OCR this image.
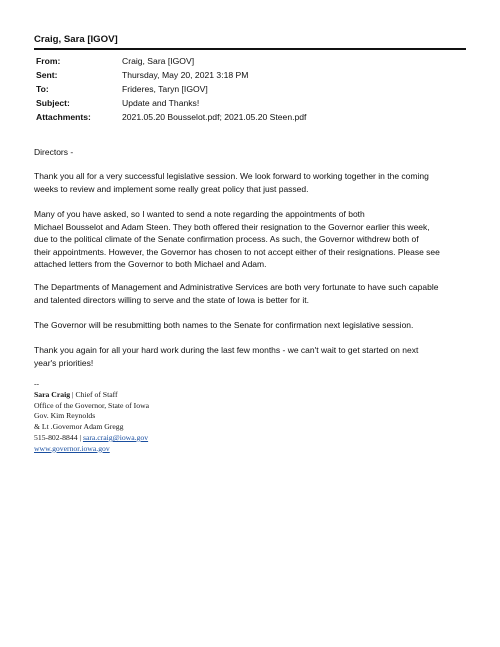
Craig, Sara [IGOV]
From:	Craig, Sara [IGOV]
Sent:	Thursday, May 20, 2021 3:18 PM
To:	Frideres, Taryn [IGOV]
Subject:	Update and Thanks!
Attachments:	2021.05.20 Bousselot.pdf; 2021.05.20 Steen.pdf

Directors -

Thank you all for a very successful legislative session. We look forward to working together in the coming
weeks to review and implement some really great policy that just passed.

Many of you have asked, so I wanted to send a note regarding the appointments of both
Michael Bousselot and Adam Steen. They both offered their resignation to the Governor earlier this week,
due to the political climate of the Senate confirmation process. As such, the Governor withdrew both of
their appointments. However, the Governor has chosen to not accept either of their resignations. Please see
attached letters from the Governor to both Michael and Adam.

The Departments of Management and Administrative Services are both very fortunate to have such capable
and talented directors willing to serve and the state of Iowa is better for it.

The Governor will be resubmitting both names to the Senate for confirmation next legislative session.

Thank you again for all your hard work during the last few months - we can't wait to get started on next
year's priorities!

--
Sara Craig | Chief of Staff
Office of the Governor, State of Iowa
Gov. Kim Reynolds
& Lt .Governor Adam Gregg
515-802-8844 | sara.craig@iowa.gov
www.governor.iowa.gov
